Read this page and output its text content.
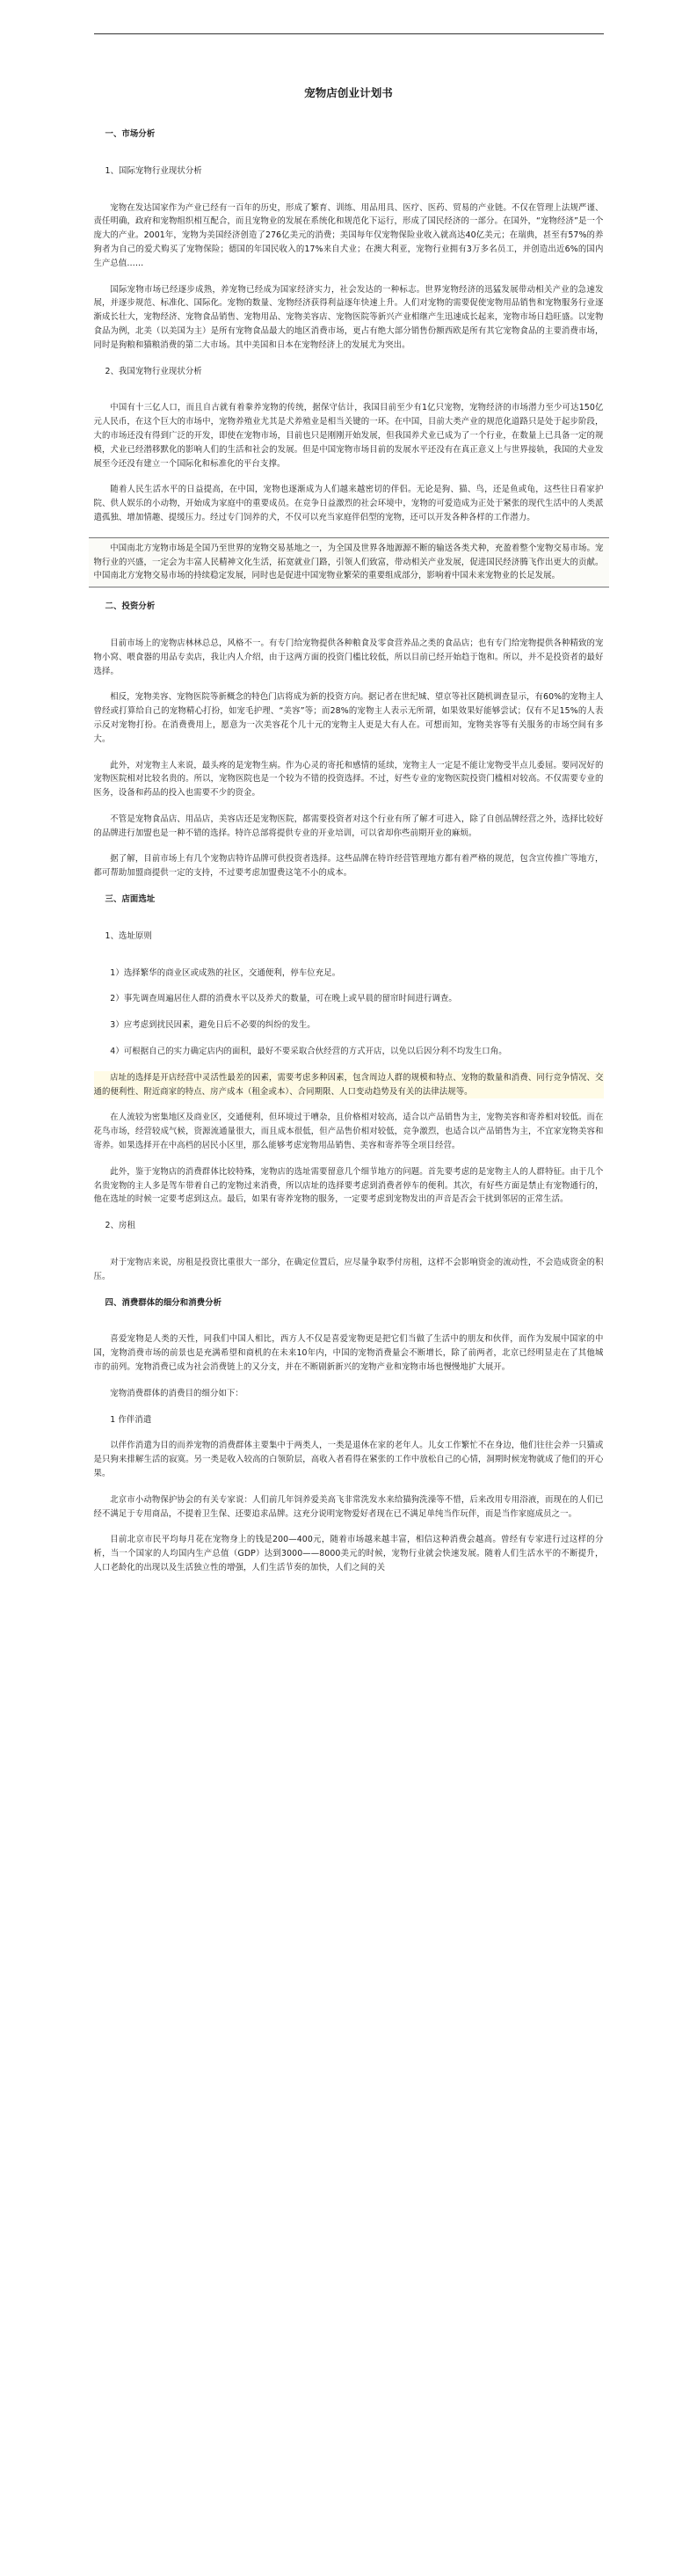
宠物店创业计划书

一、市场分析

1、国际宠物行业现状分析

宠物在发达国家作为产业已经有一百年的历史，形成了繁育、训练、用品用具、医疗、医药、贸易的产业链。不仅在管理上法规严谨、责任明确，政府和宠物组织相互配合，而且宠物业的发展在系统化和规范化下运行，形成了国民经济的一部分。在国外，“宠物经济”是一个庞大的产业。2001年，宠物为美国经济创造了276亿美元的消费；美国每年仅宠物保险业收入就高达40亿美元；在瑞典，甚至有57%的养狗者为自己的爱犬购买了宠物保险；德国的年国民收入的17%来自犬业；在澳大利亚，宠物行业拥有3万多名员工，并创造出近6%的国内生产总值……

国际宠物市场已经逐步成熟，养宠物已经成为国家经济实力，社会发达的一种标志。世界宠物经济的迅猛发展带动相关产业的急速发展，并逐步规范、标准化、国际化。宠物的数量、宠物经济获得利益逐年快速上升。人们对宠物的需要促使宠物用品销售和宠物服务行业逐渐成长壮大，宠物经济、宠物食品销售、宠物用品、宠物美容店、宠物医院等新兴产业相继产生迅速成长起来，宠物市场日趋旺盛。以宠物食品为例，北美（以美国为主）是所有宠物食品最大的地区消费市场，更占有绝大部分销售份额西欧是所有其它宠物食品的主要消费市场，同时是狗粮和猫粮消费的第二大市场。其中美国和日本在宠物经济上的发展尤为突出。

2、我国宠物行业现状分析

中国有十三亿人口，而且自古就有着豢养宠物的传统，据保守估计，我国目前至少有1亿只宠物，宠物经济的市场潜力至少可达150亿元人民币，在这个巨大的市场中，宠物养殖业尤其是犬养殖业是相当关键的一环。在中国，目前大类产业的规范化道路只是处于起步阶段，大的市场还没有得到广泛的开发，即使在宠物市场，目前也只是刚刚开始发展，但我国养犬业已成为了一个行业，在数量上已具备一定的规模，犬业已经潜移默化的影响人们的生活和社会的发展。但是中国宠物市场目前的发展水平还没有在真正意义上与世界接轨，我国的犬业发展至今还没有建立一个国际化和标准化的平台支撑。

随着人民生活水平的日益提高，在中国，宠物也逐渐成为人们越来越密切的伴侣。无论是狗、猫、鸟，还是鱼或龟，这些往日看家护院、供人娱乐的小动物，开始成为家庭中的重要成员。在竞争日益激烈的社会环境中，宠物的可爱造成为正处于紧张的现代生活中的人类派遣孤独、增加情趣、提缓压力。经过专门饲养的犬，不仅可以充当家庭伴侣型的宠物，还可以开发各种各样的工作潜力。

中国南北方宠物市场是全国乃至世界的宠物交易基地之一，为全国及世界各地源源不断的输送各类犬种，充盈着整个宠物交易市场。宠物行业的兴盛，一定会为丰富人民精神文化生活，拓宽就业门路，引领人们致富，带动相关产业发展，促进国民经济腾飞作出更大的贡献。中国南北方宠物交易市场的持续稳定发展，同时也是促进中国宠物业繁荣的重要组成部分，影响着中国未来宠物业的长足发展。

二、投资分析

目前市场上的宠物店林林总总，风格不一。有专门给宠物提供各种粮食及零食营养品之类的食品店；也有专门给宠物提供各种精致的宠物小窝、喂食器的用品专卖店，我让内人介绍，由于这两方面的投资门槛比较低，所以目前已经开始趋于饱和。所以，并不是投资者的最好选择。

相反，宠物美容、宠物医院等新概念的特色门店将成为新的投资方向。据记者在世纪城、望京等社区随机调查显示，有60%的宠物主人曾经或打算给自己的宠物精心打扮，如宠毛护理、“美容”等；而28%的宠物主人表示无所谓，如果效果好能够尝试；仅有不足15%的人表示反对宠物打扮。在消费费用上，愿意为一次美容花个几十元的宠物主人更是大有人在。可想而知，宠物美容等有关服务的市场空间有多大。

此外，对宠物主人来说，最头疼的是宠物生病。作为心灵的寄托和感情的延续，宠物主人一定是不能让宠物受半点儿委屈。要同况好的宠物医院相对比较名贵的。所以，宠物医院也是一个较为不错的投资选择。不过，好些专业的宠物医院投资门槛相对较高。不仅需要专业的医务，设备和药品的投入也需要不少的资金。

不管是宠物食品店、用品店，美容店还是宠物医院，都需要投资者对这个行业有所了解才可进入，除了自创品牌经营之外，选择比较好的品牌进行加盟也是一种不错的选择。特许总部将提供专业的开业培训，可以省却你些前期开业的麻烦。

据了解，目前市场上有几个宠物店特许品牌可供投资者选择。这些品牌在特许经营管理地方都有着严格的规范，包含宣传推广等地方，都可帮助加盟商提供一定的支持，不过要考虑加盟费这笔不小的成本。

三、店面选址

1、选址原则

1）选择繁华的商业区或成熟的社区，交通便利，停车位充足。

2）事先调查周遍居住人群的消费水平以及养犬的数量，可在晚上或早晨的留帘时间进行调查。

3）应考虑到扰民因素，避免日后不必要的纠纷的发生。

4）可根据自己的实力确定店内的面积，最好不要采取合伙经营的方式开店，以免以后因分利不均发生口角。

店址的选择是开店经营中灵活性最差的因素，需要考虑多种因素，包含周边人群的规模和特点、宠物的数量和消费、同行竞争情况、交通的便利性、附近商家的特点、房产成本（租金或本）、合同期限、人口变动趋势及有关的法律法规等。

在人流较为密集地区及商业区，交通便利，但环境过于嘈杂，且价格相对较高，适合以产品销售为主，宠物美容和寄养相对较低。而在花鸟市场，经营较成气候，资源流通量很大，而且成本很低，但产品售价相对较低，竞争激烈，也适合以产品销售为主，不宜家宠物美容和寄养。如果选择开在中高档的居民小区里，那么能够考虑宠物用品销售、美容和寄养等全项目经营。

此外，鉴于宠物店的消费群体比较特殊，宠物店的选址需要留意几个细节地方的问题。首先要考虑的是宠物主人的人群特征。由于几个名贵宠物的主人多是驾车带着自己的宠物过来消费，所以店址的选择要考虑到消费者停车的便利。其次，有好些方面是禁止有宠物通行的，他在选址的时候一定要考虑到这点。最后，如果有寄养宠物的服务，一定要考虑到宠物发出的声音是否会干扰到邻居的正常生活。

2、房租

对于宠物店来说，房租是投资比重很大一部分，在确定位置后，应尽量争取季付房租，这样不会影响资金的流动性，不会造成资金的积压。

四、消费群体的细分和消费分析

喜爱宠物是人类的天性，同我们中国人相比，西方人不仅是喜爱宠物更是把它们当做了生活中的朋友和伙伴，而作为发展中国家的中国，宠物消费市场的前景也是充满希望和商机的在未来10年内，中国的宠物消费量会不断增长，除了前两者，北京已经明显走在了其他城市的前列。宠物消费已成为社会消费链上的又分支，并在不断剧新新兴的宠物产业和宠物市场也慢慢地扩大展开。

宠物消费群体的消费目的细分如下：

1 作伴消遣

以伴作消遣为目的而养宠物的消费群体主要集中于两类人，一类是退休在家的老年人。儿女工作繁忙不在身边，他们往往会养一只猫或是只狗来排解生活的寂寞。另一类是收入较高的白领阶层，高收入者看得在紧张的工作中放松自己的心情，洞期时候宠物就成了他们的开心果。

北京市小动物保护协会的有关专家说：人们前几年饲养爱美高飞非常洗发水来给猫狗洗澡等不惜，后来改用专用浴液，而现在的人们已经不满足于专用商品，不提着卫生保、还要追求品牌。这充分说明宠物爱好者现在已不满足单纯当作玩伴，而是当作家庭成员之一。

目前北京市民平均每月花在宠物身上的钱是200—400元，随着市场越来越丰富，相信这种消费会越高。曾经有专家进行过这样的分析，当一个国家的人均国内生产总值（GDP）达到3000——8000美元的时候，宠物行业就会快速发展。随着人们生活水平的不断提升，人口老龄化的出现以及生活独立性的增强，人们生活节奏的加快，人们之间的关
